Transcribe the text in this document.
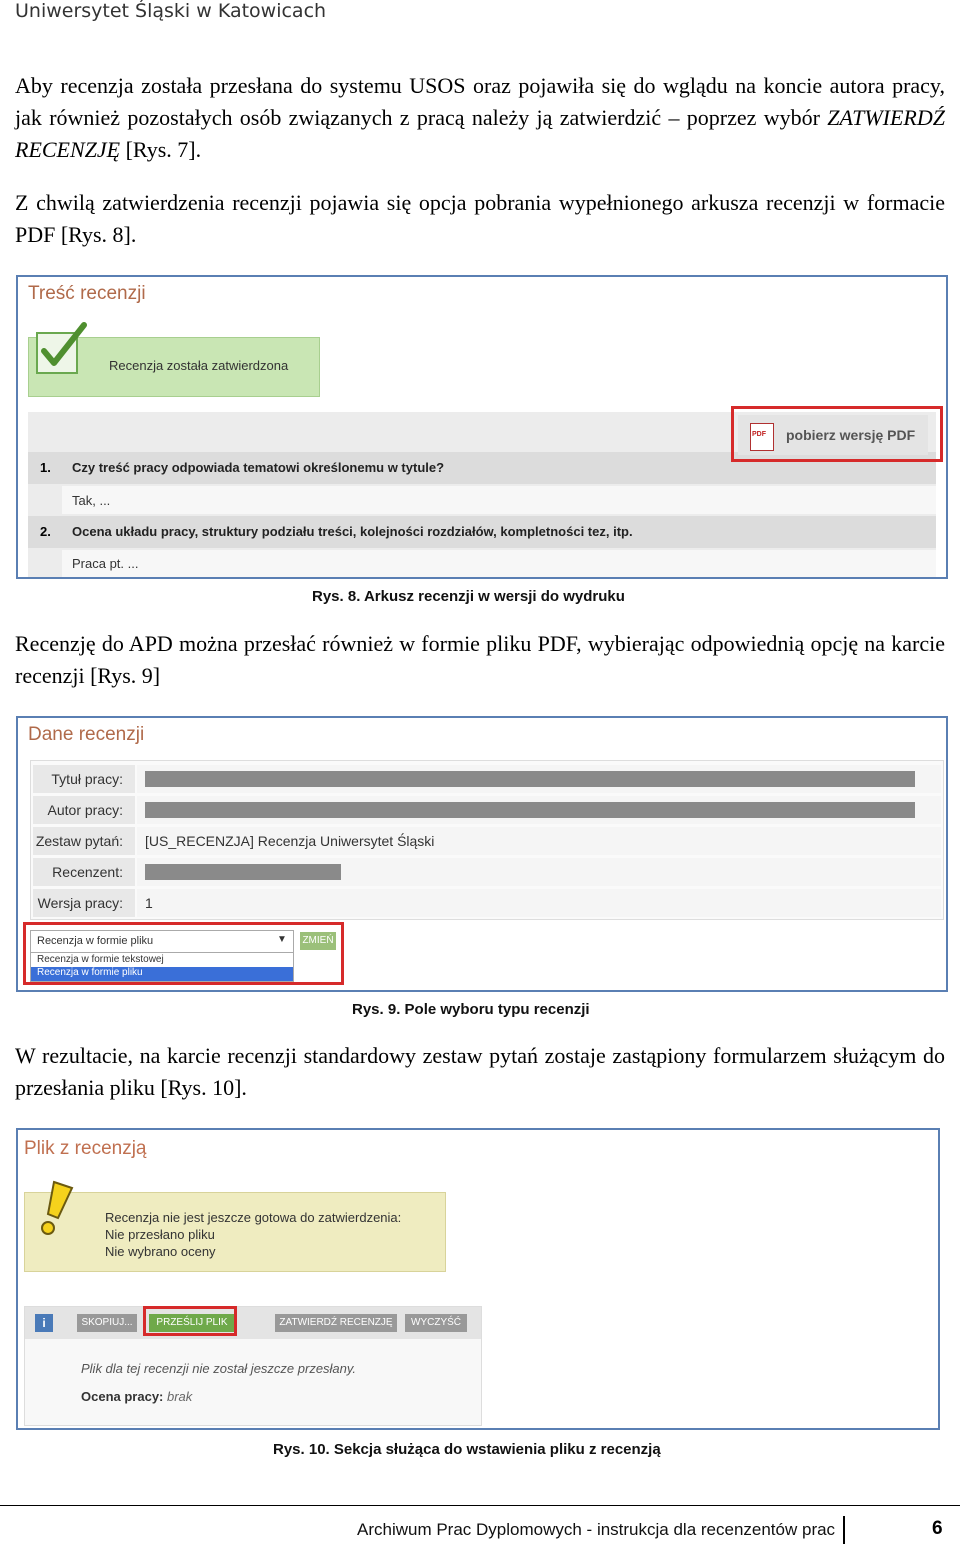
Uniwersytet Śląski w Katowicach
Aby recenzja została przesłana do systemu USOS oraz pojawiła się do wglądu na koncie autora pracy, jak również pozostałych osób związanych z pracą należy ją zatwierdzić – poprzez wybór ZATWIERDŹ RECENZJĘ [Rys. 7].
Z chwilą zatwierdzenia recenzji pojawia się opcja pobrania wypełnionego arkusza recenzji w formacie PDF [Rys. 8].
Treść recenzji
Recenzja została zatwierdzona
1. Czy treść pracy odpowiada tematowi określonemu w tytule?
Tak, ...
2. Ocena układu pracy, struktury podziału treści, kolejności rozdziałów, kompletności tez, itp.
Praca pt. ...
PDF pobierz wersję PDF
Rys. 8. Arkusz recenzji w wersji do wydruku
Recenzję do APD można przesłać również w formie pliku PDF, wybierając odpowiednią opcję na karcie recenzji [Rys. 9]
Dane recenzji
Tytuł pracy:
Autor pracy:
Zestaw pytań:	[US_RECENZJA] Recenzja Uniwersytet Śląski
Recenzent:
Wersja pracy:	1
Recenzja w formie pliku	▼ ZMIEŃ
Recenzja w formie tekstowej
Recenzja w formie pliku
Rys. 9. Pole wyboru typu recenzji
W rezultacie, na karcie recenzji standardowy zestaw pytań zostaje zastąpiony formularzem służącym do przesłania pliku [Rys. 10].
Plik z recenzją
Recenzja nie jest jeszcze gotowa do zatwierdzenia:
Nie przesłano pliku
Nie wybrano oceny
i	SKOPIUJ...	PRZEŚLIJ PLIK	ZATWIERDŹ RECENZJĘ	WYCZYŚĆ
Plik dla tej recenzji nie został jeszcze przesłany.
Ocena pracy: brak
Rys. 10. Sekcja służąca do wstawienia pliku z recenzją
Archiwum Prac Dyplomowych - instrukcja dla recenzentów prac	6
